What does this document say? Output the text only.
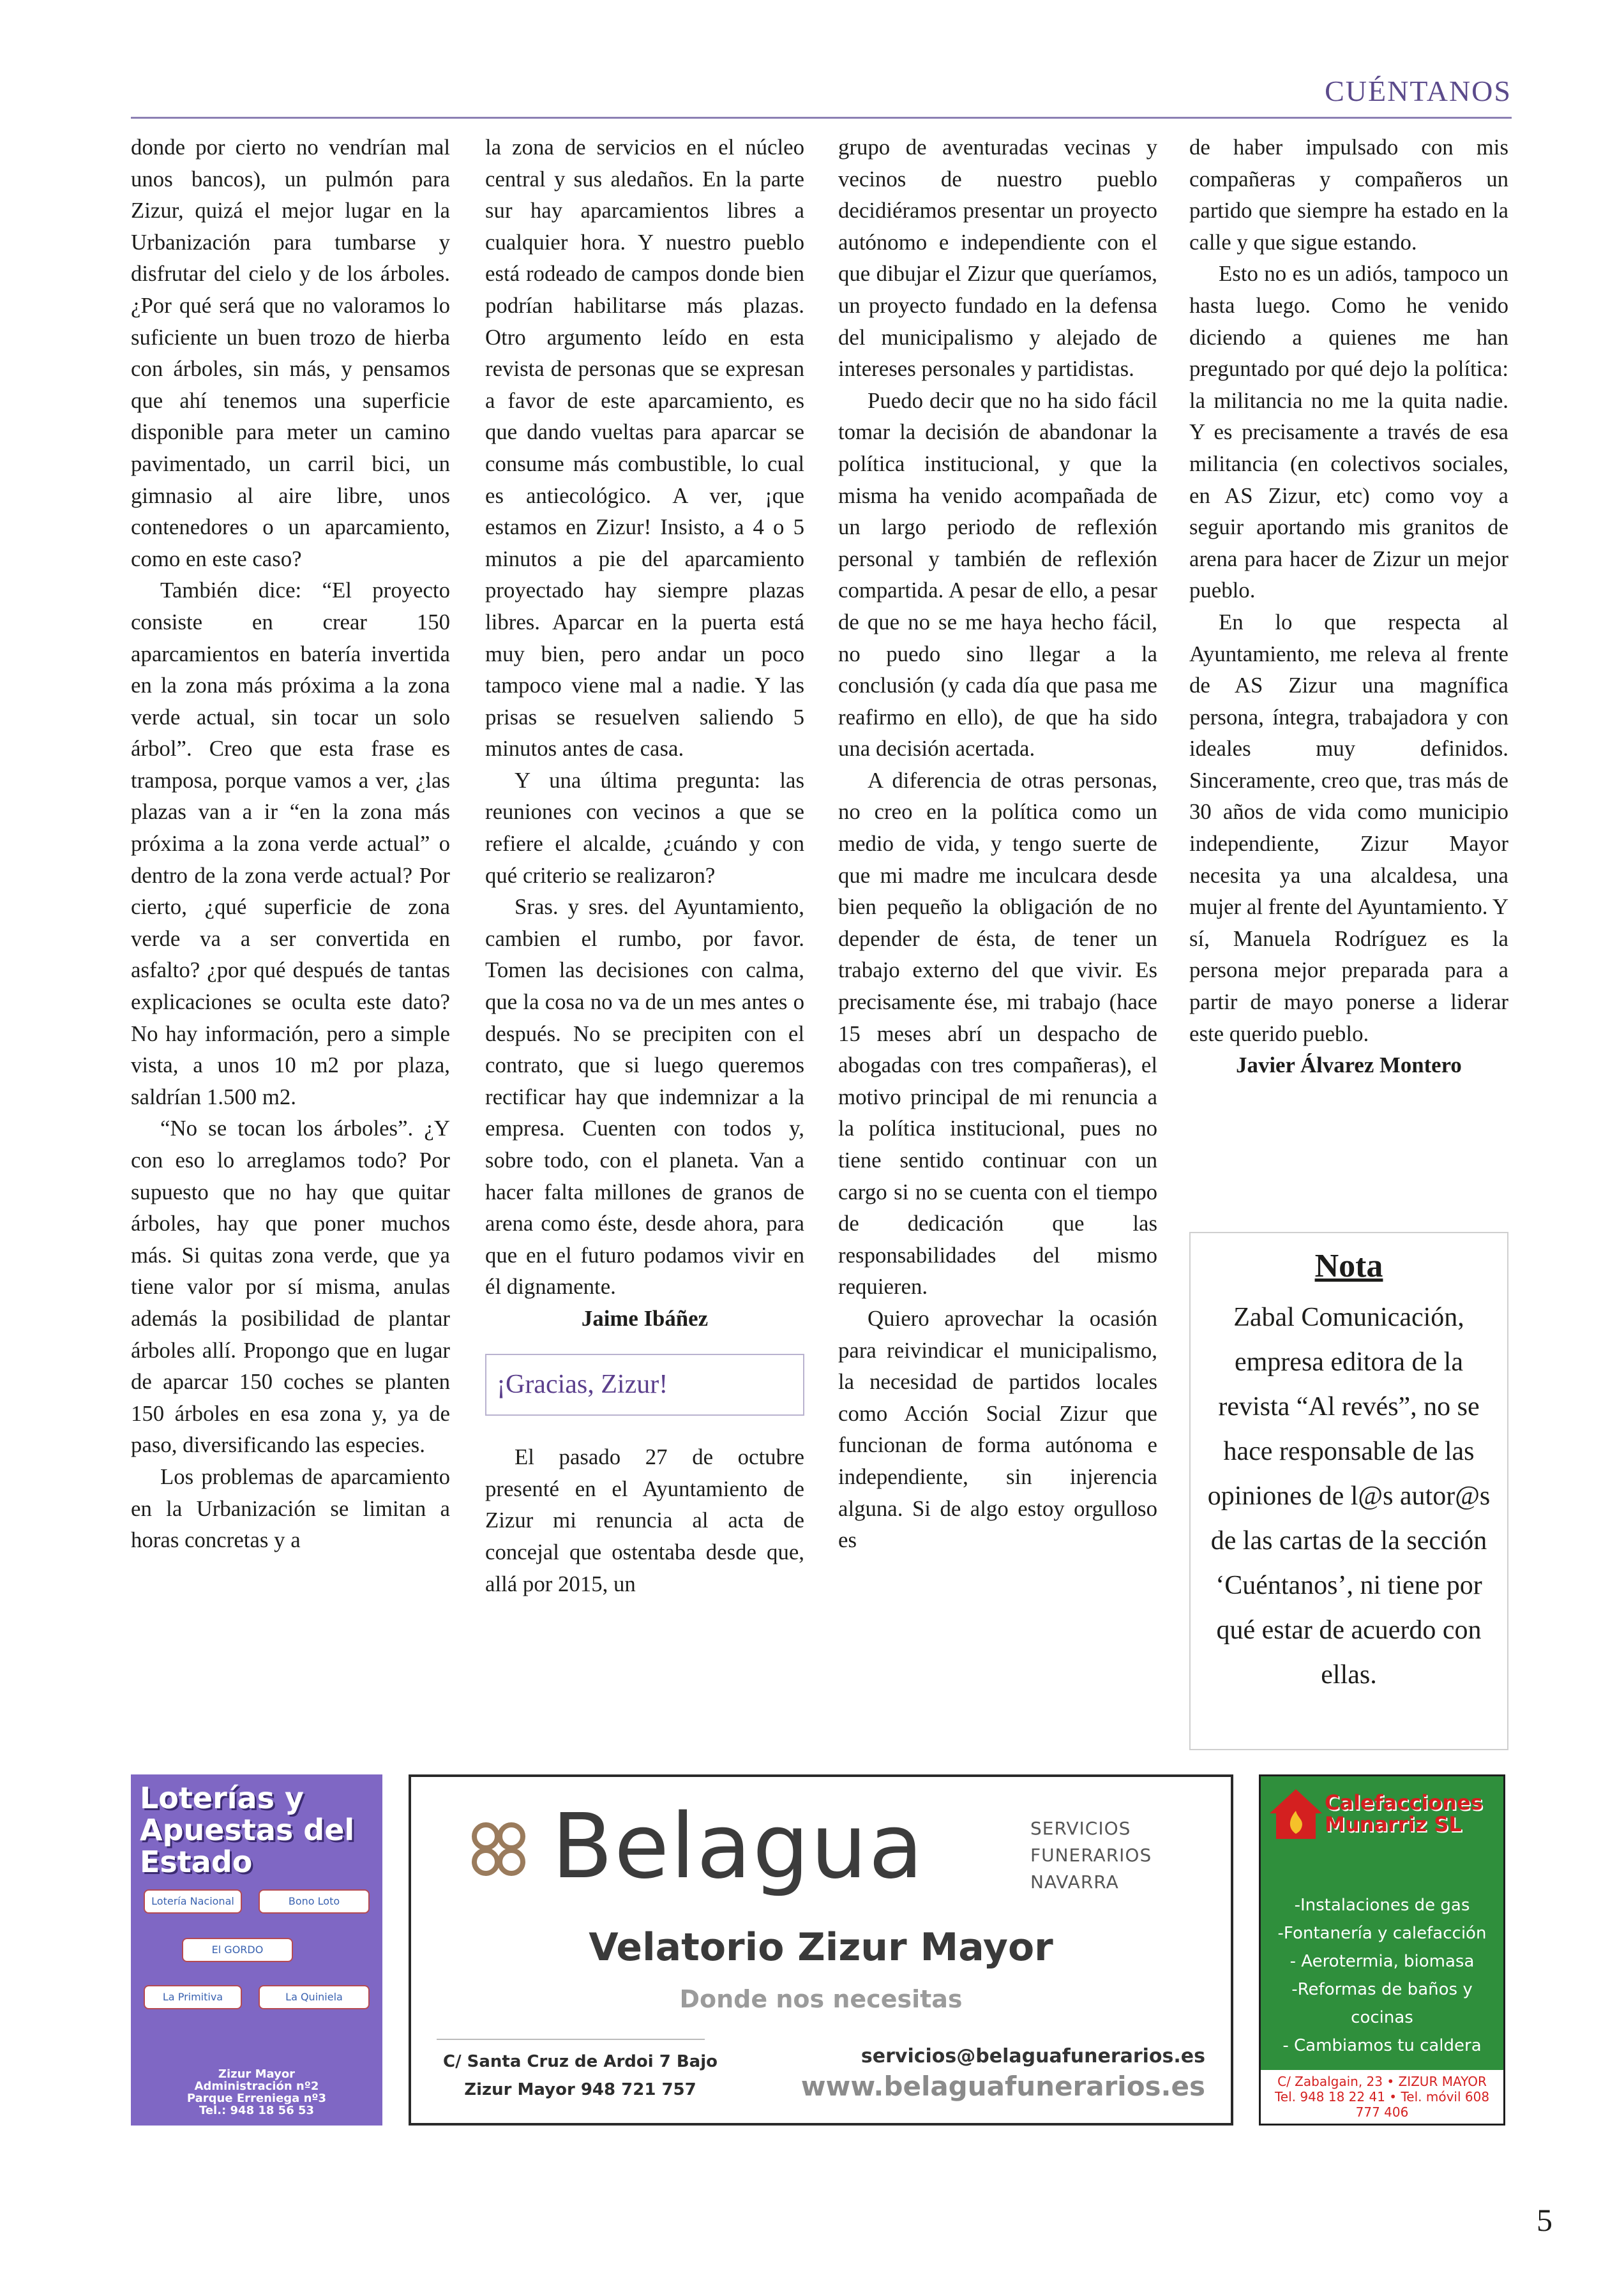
CUÉNTANOS

donde por cierto no vendrían mal unos bancos), un pulmón para Zizur, quizá el mejor lugar en la Urbanización para tumbarse y disfrutar del cielo y de los árboles. ¿Por qué será que no valoramos lo suficiente un buen trozo de hierba con árboles, sin más, y pensamos que ahí tenemos una superficie disponible para meter un camino pavimentado, un carril bici, un gimnasio al aire libre, unos contenedores o un aparcamiento, como en este caso?

También dice: “El proyecto consiste en crear 150 aparcamientos en batería invertida en la zona más próxima a la zona verde actual, sin tocar un solo árbol”. Creo que esta frase es tramposa, porque vamos a ver, ¿las plazas van a ir “en la zona más próxima a la zona verde actual” o dentro de la zona verde actual? Por cierto, ¿qué superficie de zona verde va a ser convertida en asfalto? ¿por qué después de tantas explicaciones se oculta este dato? No hay información, pero a simple vista, a unos 10 m2 por plaza, saldrían 1.500 m2.

“No se tocan los árboles”. ¿Y con eso lo arreglamos todo? Por supuesto que no hay que quitar árboles, hay que poner muchos más. Si quitas zona verde, que ya tiene valor por sí misma, anulas además la posibilidad de plantar árboles allí. Propongo que en lugar de aparcar 150 coches se planten 150 árboles en esa zona y, ya de paso, diversificando las especies.

Los problemas de aparcamiento en la Urbanización se limitan a horas concretas y a

la zona de servicios en el núcleo central y sus aledaños. En la parte sur hay aparcamientos libres a cualquier hora. Y nuestro pueblo está rodeado de campos donde bien podrían habilitarse más plazas. Otro argumento leído en esta revista de personas que se expresan a favor de este aparcamiento, es que dando vueltas para aparcar se consume más combustible, lo cual es antiecológico. A ver, ¡que estamos en Zizur! Insisto, a 4 o 5 minutos a pie del aparcamiento proyectado hay siempre plazas libres. Aparcar en la puerta está muy bien, pero andar un poco tampoco viene mal a nadie. Y las prisas se resuelven saliendo 5 minutos antes de casa.

Y una última pregunta: las reuniones con vecinos a que se refiere el alcalde, ¿cuándo y con qué criterio se realizaron?

Sras. y sres. del Ayuntamiento, cambien el rumbo, por favor. Tomen las decisiones con calma, que la cosa no va de un mes antes o después. No se precipiten con el contrato, que si luego queremos rectificar hay que indemnizar a la empresa. Cuenten con todos y, sobre todo, con el planeta. Van a hacer falta millones de granos de arena como éste, desde ahora, para que en el futuro podamos vivir en él dignamente.

Jaime Ibáñez

¡Gracias, Zizur!

El pasado 27 de octubre presenté en el Ayuntamiento de Zizur mi renuncia al acta de concejal que ostentaba desde que, allá por 2015, un

grupo de aventuradas vecinas y vecinos de nuestro pueblo decidiéramos presentar un proyecto autónomo e independiente con el que dibujar el Zizur que queríamos, un proyecto fundado en la defensa del municipalismo y alejado de intereses personales y partidistas.

Puedo decir que no ha sido fácil tomar la decisión de abandonar la política institucional, y que la misma ha venido acompañada de un largo periodo de reflexión personal y también de reflexión compartida. A pesar de ello, a pesar de que no se me haya hecho fácil, no puedo sino llegar a la conclusión (y cada día que pasa me reafirmo en ello), de que ha sido una decisión acertada.

A diferencia de otras personas, no creo en la política como un medio de vida, y tengo suerte de que mi madre me inculcara desde bien pequeño la obligación de no depender de ésta, de tener un trabajo externo del que vivir. Es precisamente ése, mi trabajo (hace 15 meses abrí un despacho de abogadas con tres compañeras), el motivo principal de mi renuncia a la política institucional, pues no tiene sentido continuar con un cargo si no se cuenta con el tiempo de dedicación que las responsabilidades del mismo requieren.

Quiero aprovechar la ocasión para reivindicar el municipalismo, la necesidad de partidos locales como Acción Social Zizur que funcionan de forma autónoma e independiente, sin injerencia alguna. Si de algo estoy orgulloso es

de haber impulsado con mis compañeras y compañeros un partido que siempre ha estado en la calle y que sigue estando.

Esto no es un adiós, tampoco un hasta luego. Como he venido diciendo a quienes me han preguntado por qué dejo la política: la militancia no me la quita nadie. Y es precisamente a través de esa militancia (en colectivos sociales, en AS Zizur, etc) como voy a seguir aportando mis granitos de arena para hacer de Zizur un mejor pueblo.

En lo que respecta al Ayuntamiento, me releva al frente de AS Zizur una magnífica persona, íntegra, trabajadora y con ideales muy definidos. Sinceramente, creo que, tras más de 30 años de vida como municipio independiente, Zizur Mayor necesita ya una alcaldesa, una mujer al frente del Ayuntamiento. Y sí, Manuela Rodríguez es la persona mejor preparada para a partir de mayo ponerse a liderar este querido pueblo.

Javier Álvarez Montero

Nota

Zabal Comunicación, empresa editora de la revista “Al revés”, no se hace responsable de las opiniones de l@s autor@s de las cartas de la sección ‘Cuéntanos’, ni tiene por qué estar de acuerdo con ellas.

Loterías y
Apuestas del
Estado
Lotería Nacional	Bono Loto
El GORDO
La Primitiva	La Quiniela
Zizur Mayor
Administración nº2
Parque Erreniega nº3
Tel.: 948 18 56 53
Belagua	SERVICIOS
FUNERARIOS
NAVARRA
Velatorio Zizur Mayor
Donde nos necesitas
C/ Santa Cruz de Ardoi 7 Bajo
Zizur Mayor 948 721 757
servicios@belaguafunerarios.es
www.belaguafunerarios.es
Calefacciones
Munarriz SL
-Instalaciones de gas
-Fontanería y calefacción
- Aerotermia, biomasa
-Reformas de baños y cocinas
- Cambiamos tu caldera
C/ Zabalgain, 23 • ZIZUR MAYOR
Tel. 948 18 22 41 • Tel. móvil 608 777 406
5
